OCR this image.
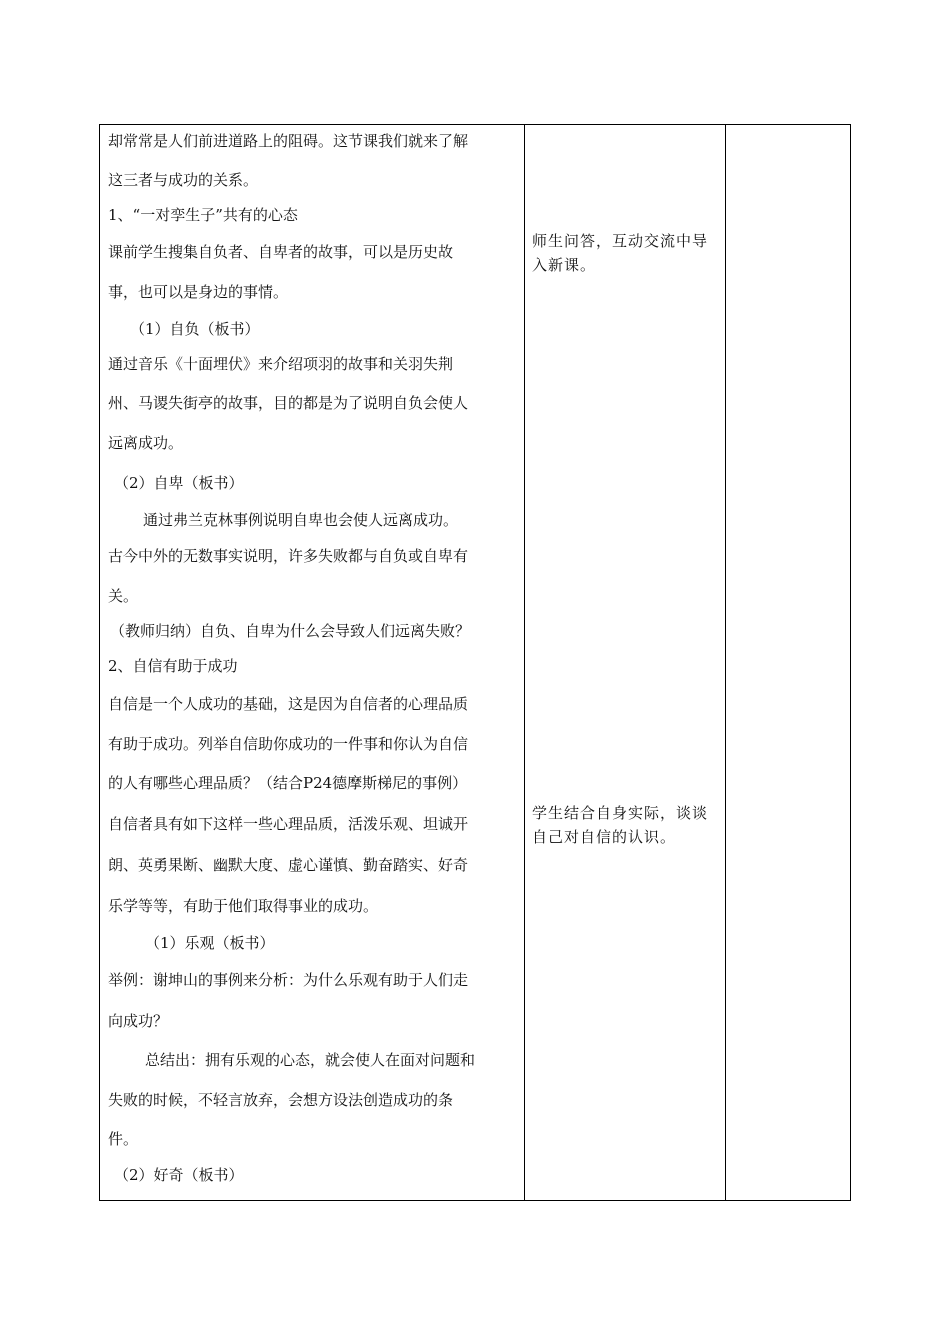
却常常是人们前进道路上的阻碍。这节课我们就来了解
这三者与成功的关系。
1、“一对孪生子”共有的心态
课前学生搜集自负者、自卑者的故事，可以是历史故
事，也可以是身边的事情。
（1）自负（板书）
通过音乐《十面埋伏》来介绍项羽的故事和关羽失荆
州、马谡失街亭的故事，目的都是为了说明自负会使人
远离成功。
（2）自卑（板书）
通过弗兰克林事例说明自卑也会使人远离成功。
古今中外的无数事实说明，许多失败都与自负或自卑有
关。
（教师归纳）自负、自卑为什么会导致人们远离失败？
2、自信有助于成功
自信是一个人成功的基础，这是因为自信者的心理品质
有助于成功。列举自信助你成功的一件事和你认为自信
的人有哪些心理品质？（结合P24德摩斯梯尼的事例）
自信者具有如下这样一些心理品质，活泼乐观、坦诚开
朗、英勇果断、幽默大度、虚心谨慎、勤奋踏实、好奇
乐学等等，有助于他们取得事业的成功。
（1）乐观（板书）
举例：谢坤山的事例来分析：为什么乐观有助于人们走
向成功？
总结出：拥有乐观的心态，就会使人在面对问题和
失败的时候，不轻言放弃，会想方设法创造成功的条
件。
（2）好奇（板书）
师生问答，互动交流中导入新课。
学生结合自身实际，谈谈自己对自信的认识。
